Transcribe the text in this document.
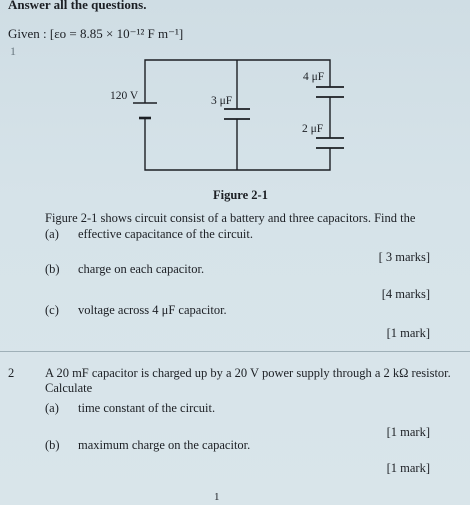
Answer all the questions.
Given : [εo = 8.85 × 10⁻¹² F m⁻¹]
1
120 V	3 μF
4 μF
2 μF
Figure 2-1
Figure 2-1 shows circuit consist of a battery and three capacitors. Find the
(a) effective capacitance of the circuit.
[ 3 marks]
(b) charge on each capacitor.
[4 marks]
(c) voltage across 4 μF capacitor.
[1 mark]
2 A 20 mF capacitor is charged up by a 20 V power supply through a 2 kΩ resistor.
Calculate
(a) time constant of the circuit.
[1 mark]
(b) maximum charge on the capacitor.
[1 mark]
1
